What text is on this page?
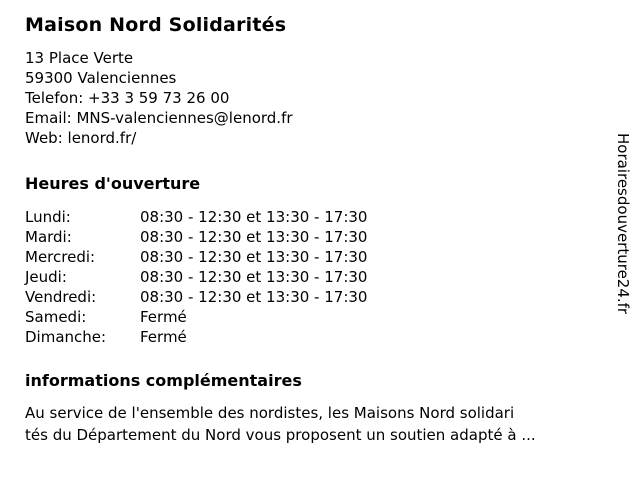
Maison Nord Solidarités
13 Place Verte
59300 Valenciennes
Telefon: +33 3 59 73 26 00
Email: MNS-valenciennes@lenord.fr
Web: lenord.fr/
Heures d'ouverture
Lundi:	08:30 - 12:30 et 13:30 - 17:30
Mardi:	08:30 - 12:30 et 13:30 - 17:30
Mercredi:	08:30 - 12:30 et 13:30 - 17:30
Jeudi:	08:30 - 12:30 et 13:30 - 17:30
Vendredi:	08:30 - 12:30 et 13:30 - 17:30
Samedi:	Fermé
Dimanche:	Fermé
informations complémentaires
Au service de l'ensemble des nordistes, les Maisons Nord solidari
tés du Département du Nord vous proposent un soutien adapté à ...
Horairesdouverture24.fr
